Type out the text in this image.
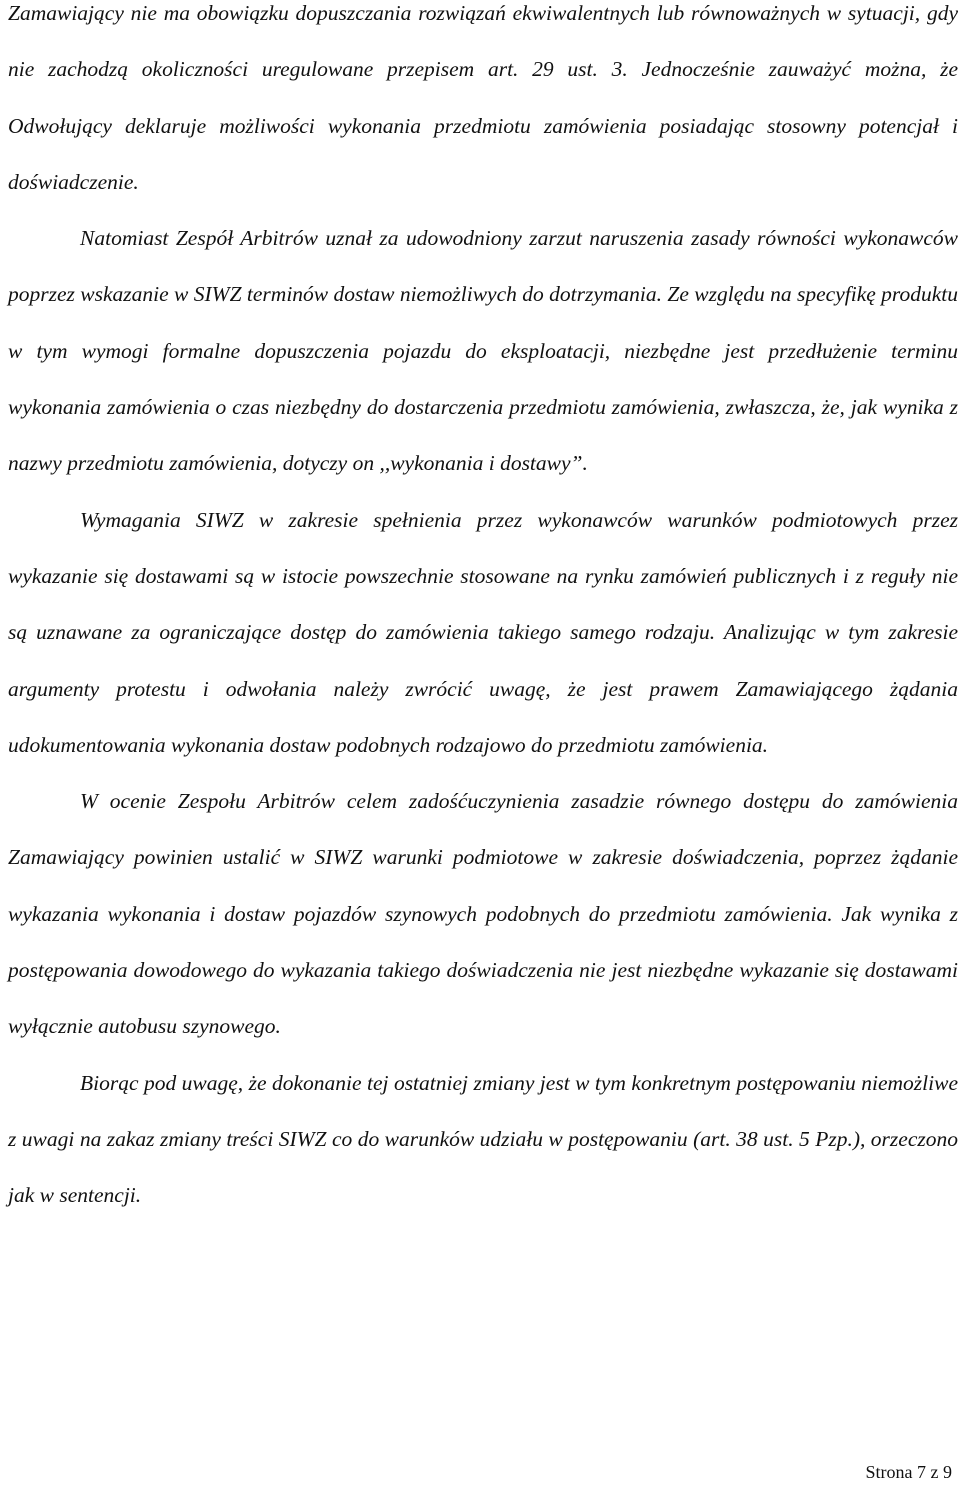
Zamawiający nie ma obowiązku dopuszczania rozwiązań ekwiwalentnych lub równoważnych w sytuacji, gdy nie zachodzą okoliczności uregulowane przepisem art. 29 ust. 3. Jednocześnie zauważyć można, że Odwołujący deklaruje możliwości wykonania przedmiotu zamówienia posiadając stosowny potencjał i doświadczenie.

Natomiast Zespół Arbitrów uznał za udowodniony zarzut naruszenia zasady równości wykonawców poprzez wskazanie w SIWZ terminów dostaw niemożliwych do dotrzymania. Ze względu na specyfikę produktu w tym wymogi formalne dopuszczenia pojazdu do eksploatacji, niezbędne jest przedłużenie terminu wykonania zamówienia o czas niezbędny do dostarczenia przedmiotu zamówienia, zwłaszcza, że, jak wynika z nazwy przedmiotu zamówienia, dotyczy on ,,wykonania i dostawy”.

Wymagania SIWZ w zakresie spełnienia przez wykonawców warunków podmiotowych przez wykazanie się dostawami są w istocie powszechnie stosowane na rynku zamówień publicznych i z reguły nie są uznawane za ograniczające dostęp do zamówienia takiego samego rodzaju. Analizując w tym zakresie argumenty protestu i odwołania należy zwrócić uwagę, że jest prawem Zamawiającego żądania udokumentowania wykonania dostaw podobnych rodzajowo do przedmiotu zamówienia.

W ocenie Zespołu Arbitrów celem zadośćuczynienia zasadzie równego dostępu do zamówienia Zamawiający powinien ustalić w SIWZ warunki podmiotowe w zakresie doświadczenia, poprzez żądanie wykazania wykonania i dostaw pojazdów szynowych podobnych do przedmiotu zamówienia. Jak wynika z postępowania dowodowego do wykazania takiego doświadczenia nie jest niezbędne wykazanie się dostawami wyłącznie autobusu szynowego.

Biorąc pod uwagę, że dokonanie tej ostatniej zmiany jest w tym konkretnym postępowaniu niemożliwe z uwagi na zakaz zmiany treści SIWZ co do warunków udziału w postępowaniu (art. 38 ust. 5 Pzp.), orzeczono jak w sentencji.

Strona 7 z 9
